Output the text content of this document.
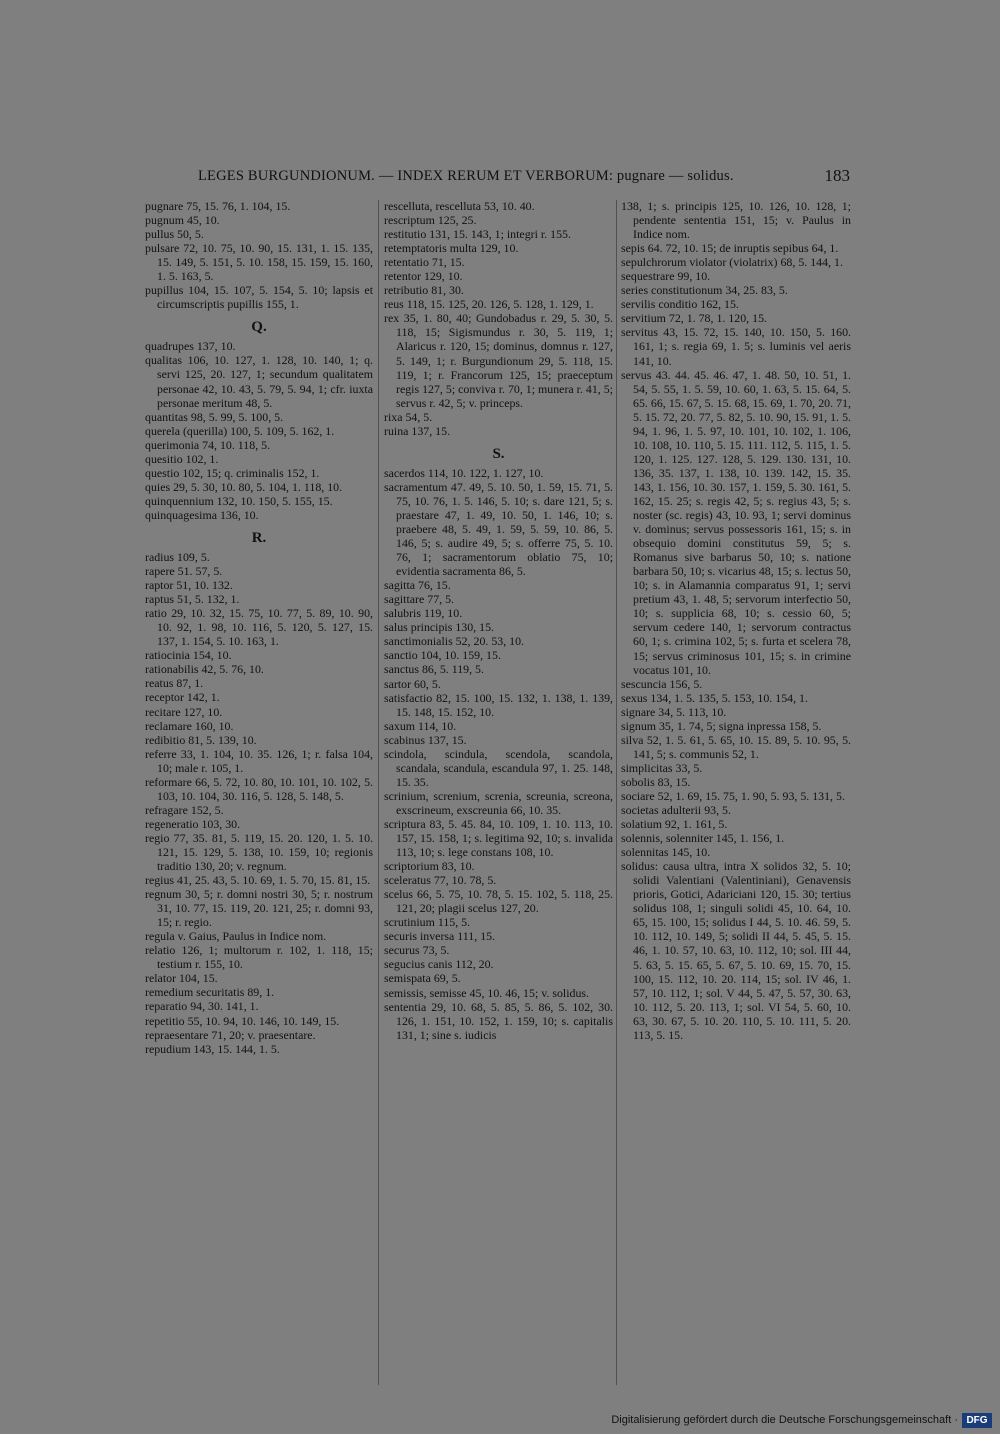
LEGES BURGUNDIONUM. — INDEX RERUM ET VERBORUM: pugnare — solidus.	183

pugnare 75, 15. 76, 1. 104, 15.

pugnum 45, 10.

pullus 50, 5.

pulsare 72, 10. 75, 10. 90, 15. 131, 1. 15. 135, 15. 149, 5. 151, 5. 10. 158, 15. 159, 15. 160, 1. 5. 163, 5.

pupillus 104, 15. 107, 5. 154, 5. 10; lapsis et circumscriptis pupillis 155, 1.

Q.

quadrupes 137, 10.

qualitas 106, 10. 127, 1. 128, 10. 140, 1; q. servi 125, 20. 127, 1; secundum qualitatem personae 42, 10. 43, 5. 79, 5. 94, 1; cfr. iuxta personae meritum 48, 5.

quantitas 98, 5. 99, 5. 100, 5.

querela (querilla) 100, 5. 109, 5. 162, 1.

querimonia 74, 10. 118, 5.

quesitio 102, 1.

questio 102, 15; q. criminalis 152, 1.

quies 29, 5. 30, 10. 80, 5. 104, 1. 118, 10.

quinquennium 132, 10. 150, 5. 155, 15.

quinquagesima 136, 10.

R.

radius 109, 5.

rapere 51. 57, 5.

raptor 51, 10. 132.

raptus 51, 5. 132, 1.

ratio 29, 10. 32, 15. 75, 10. 77, 5. 89, 10. 90, 10. 92, 1. 98, 10. 116, 5. 120, 5. 127, 15. 137, 1. 154, 5. 10. 163, 1.

ratiocinia 154, 10.

rationabilis 42, 5. 76, 10.

reatus 87, 1.

receptor 142, 1.

recitare 127, 10.

reclamare 160, 10.

redibitio 81, 5. 139, 10.

referre 33, 1. 104, 10. 35. 126, 1; r. falsa 104, 10; male r. 105, 1.

reformare 66, 5. 72, 10. 80, 10. 101, 10. 102, 5. 103, 10. 104, 30. 116, 5. 128, 5. 148, 5.

refragare 152, 5.

regeneratio 103, 30.

regio 77, 35. 81, 5. 119, 15. 20. 120, 1. 5. 10. 121, 15. 129, 5. 138, 10. 159, 10; regionis traditio 130, 20; v. regnum.

regius 41, 25. 43, 5. 10. 69, 1. 5. 70, 15. 81, 15.

regnum 30, 5; r. domni nostri 30, 5; r. nostrum 31, 10. 77, 15. 119, 20. 121, 25; r. domni 93, 15; r. regio.

regula v. Gaius, Paulus in Indice nom.

relatio 126, 1; multorum r. 102, 1. 118, 15; testium r. 155, 10.

relator 104, 15.

remedium securitatis 89, 1.

reparatio 94, 30. 141, 1.

repetitio 55, 10. 94, 10. 146, 10. 149, 15.

repraesentare 71, 20; v. praesentare.

repudium 143, 15. 144, 1. 5.

rescelluta, rescelluta 53, 10. 40.

rescriptum 125, 25.

restitutio 131, 15. 143, 1; integri r. 155.

retemptatoris multa 129, 10.

retentatio 71, 15.

retentor 129, 10.

retributio 81, 30.

reus 118, 15. 125, 20. 126, 5. 128, 1. 129, 1.

rex 35, 1. 80, 40; Gundobadus r. 29, 5. 30, 5. 118, 15; Sigismundus r. 30, 5. 119, 1; Alaricus r. 120, 15; dominus, domnus r. 127, 5. 149, 1; r. Burgundionum 29, 5. 118, 15. 119, 1; r. Francorum 125, 15; praeceptum regis 127, 5; conviva r. 70, 1; munera r. 41, 5; servus r. 42, 5; v. princeps.

rixa 54, 5.

ruina 137, 15.

S.

sacerdos 114, 10. 122, 1. 127, 10.

sacramentum 47. 49, 5. 10. 50, 1. 59, 15. 71, 5. 75, 10. 76, 1. 5. 146, 5. 10; s. dare 121, 5; s. praestare 47, 1. 49, 10. 50, 1. 146, 10; s. praebere 48, 5. 49, 1. 59, 5. 59, 10. 86, 5. 146, 5; s. audire 49, 5; s. offerre 75, 5. 10. 76, 1; sacramentorum oblatio 75, 10; evidentia sacramenta 86, 5.

sagitta 76, 15.

sagittare 77, 5.

salubris 119, 10.

salus principis 130, 15.

sanctimonialis 52, 20. 53, 10.

sanctio 104, 10. 159, 15.

sanctus 86, 5. 119, 5.

sartor 60, 5.

satisfactio 82, 15. 100, 15. 132, 1. 138, 1. 139, 15. 148, 15. 152, 10.

saxum 114, 10.

scabinus 137, 15.

scindola, scindula, scendola, scandola, scandala, scandula, escandula 97, 1. 25. 148, 15. 35.

scrinium, screnium, screnia, screunia, screona, exscrineum, exscreunia 66, 10. 35.

scriptura 83, 5. 45. 84, 10. 109, 1. 10. 113, 10. 157, 15. 158, 1; s. legitima 92, 10; s. invalida 113, 10; s. lege constans 108, 10.

scriptorium 83, 10.

sceleratus 77, 10. 78, 5.

scelus 66, 5. 75, 10. 78, 5. 15. 102, 5. 118, 25. 121, 20; plagii scelus 127, 20.

scrutinium 115, 5.

securis inversa 111, 15.

securus 73, 5.

segucius canis 112, 20.

semispata 69, 5.

semissis, semisse 45, 10. 46, 15; v. solidus.

sententia 29, 10. 68, 5. 85, 5. 86, 5. 102, 30. 126, 1. 151, 10. 152, 1. 159, 10; s. capitalis 131, 1; sine s. iudicis

138, 1; s. principis 125, 10. 126, 10. 128, 1; pendente sententia 151, 15; v. Paulus in Indice nom.

sepis 64. 72, 10. 15; de inruptis sepibus 64, 1.

sepulchrorum violator (violatrix) 68, 5. 144, 1.

sequestrare 99, 10.

series constitutionum 34, 25. 83, 5.

servilis conditio 162, 15.

servitium 72, 1. 78, 1. 120, 15.

servitus 43, 15. 72, 15. 140, 10. 150, 5. 160. 161, 1; s. regia 69, 1. 5; s. luminis vel aeris 141, 10.

servus 43. 44. 45. 46. 47, 1. 48. 50, 10. 51, 1. 54, 5. 55, 1. 5. 59, 10. 60, 1. 63, 5. 15. 64, 5. 65. 66, 15. 67, 5. 15. 68, 15. 69, 1. 70, 20. 71, 5. 15. 72, 20. 77, 5. 82, 5. 10. 90, 15. 91, 1. 5. 94, 1. 96, 1. 5. 97, 10. 101, 10. 102, 1. 106, 10. 108, 10. 110, 5. 15. 111. 112, 5. 115, 1. 5. 120, 1. 125. 127. 128, 5. 129. 130. 131, 10. 136, 35. 137, 1. 138, 10. 139. 142, 15. 35. 143, 1. 156, 10. 30. 157, 1. 159, 5. 30. 161, 5. 162, 15. 25; s. regis 42, 5; s. regius 43, 5; s. noster (sc. regis) 43, 10. 93, 1; servi dominus v. dominus; servus possessoris 161, 15; s. in obsequio domini constitutus 59, 5; s. Romanus sive barbarus 50, 10; s. natione barbara 50, 10; s. vicarius 48, 15; s. lectus 50, 10; s. in Alamannia comparatus 91, 1; servi pretium 43, 1. 48, 5; servorum interfectio 50, 10; s. supplicia 68, 10; s. cessio 60, 5; servum cedere 140, 1; servorum contractus 60, 1; s. crimina 102, 5; s. furta et scelera 78, 15; servus criminosus 101, 15; s. in crimine vocatus 101, 10.

sescuncia 156, 5.

sexus 134, 1. 5. 135, 5. 153, 10. 154, 1.

signare 34, 5. 113, 10.

signum 35, 1. 74, 5; signa inpressa 158, 5.

silva 52, 1. 5. 61, 5. 65, 10. 15. 89, 5. 10. 95, 5. 141, 5; s. communis 52, 1.

simplicitas 33, 5.

sobolis 83, 15.

sociare 52, 1. 69, 15. 75, 1. 90, 5. 93, 5. 131, 5.

societas adulterii 93, 5.

solatium 92, 1. 161, 5.

solennis, solenniter 145, 1. 156, 1.

solennitas 145, 10.

solidus: causa ultra, intra X solidos 32, 5. 10; solidi Valentiani (Valentiniani), Genavensis prioris, Gotici, Adariciani 120, 15. 30; tertius solidus 108, 1; singuli solidi 45, 10. 64, 10. 65, 15. 100, 15; solidus I 44, 5. 10. 46. 59, 5. 10. 112, 10. 149, 5; solidi II 44, 5. 45, 5. 15. 46, 1. 10. 57, 10. 63, 10. 112, 10; sol. III 44, 5. 63, 5. 15. 65, 5. 67, 5. 10. 69, 15. 70, 15. 100, 15. 112, 10. 20. 114, 15; sol. IV 46, 1. 57, 10. 112, 1; sol. V 44, 5. 47, 5. 57, 30. 63, 10. 112, 5. 20. 113, 1; sol. VI 54, 5. 60, 10. 63, 30. 67, 5. 10. 20. 110, 5. 10. 111, 5. 20. 113, 5. 15.

Digitalisierung gefördert durch die Deutsche Forschungsgemeinschaft · DFG
